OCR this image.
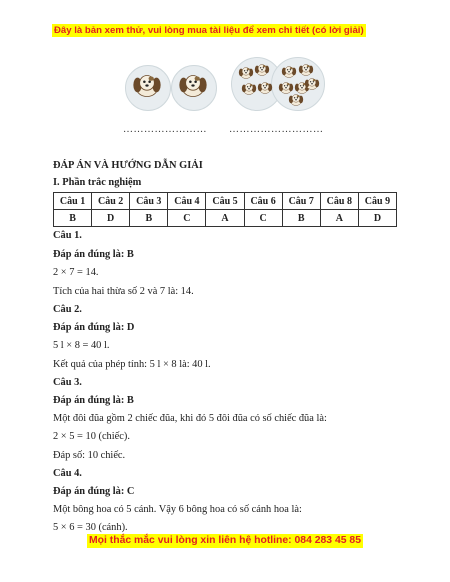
Đây là bản xem thử, vui lòng mua tài liệu để xem chi tiết (có lời giải)
…………………… ………………………
ĐÁP ÁN VÀ HƯỚNG DẪN GIẢI
I. Phần trắc nghiệm
Câu 1	Câu 2	Câu 3	Câu 4	Câu 5	Câu 6	Câu 7	Câu 8	Câu 9
B	D	B	C	A	C	B	A	D
Câu 1.
Đáp án đúng là: B
2 × 7 = 14.
Tích của hai thừa số 2 và 7 là: 14.
Câu 2.
Đáp án đúng là: D
5 l × 8 = 40 l.
Kết quả của phép tính: 5 l × 8 là: 40 l.
Câu 3.
Đáp án đúng là: B
Một đôi đũa gồm 2 chiếc đũa, khi đó 5 đôi đũa có số chiếc đũa là:
2 × 5 = 10 (chiếc).
Đáp số: 10 chiếc.
Câu 4.
Đáp án đúng là: C
Một bông hoa có 5 cánh. Vậy 6 bông hoa có số cánh hoa là:
5 × 6 = 30 (cánh).
Mọi thắc mắc vui lòng xin liên hệ hotline: 084 283 45 85
